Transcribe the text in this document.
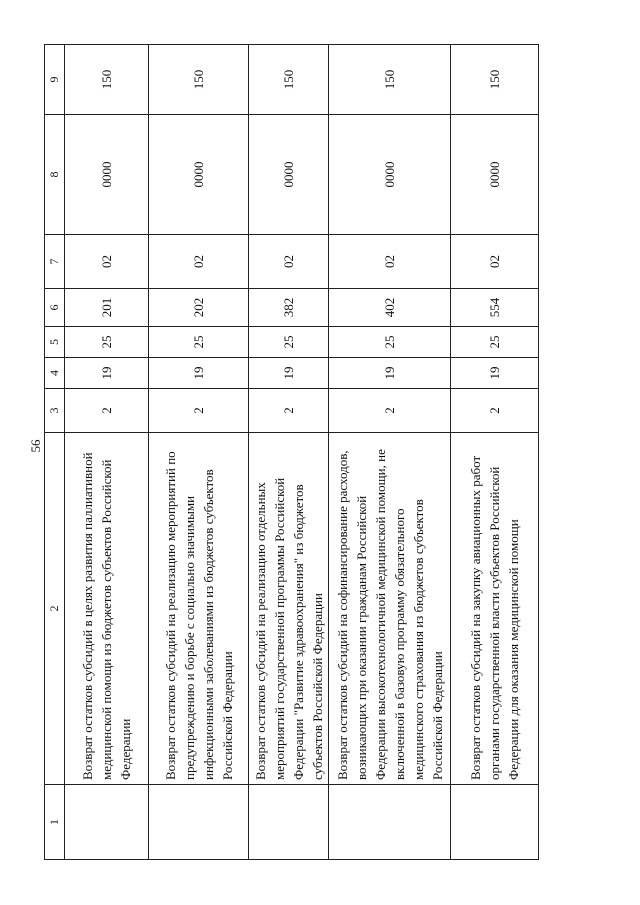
56
1	2	3	4	5	6	7	8	9
	Возврат остатков субсидий в целях развития паллиативной медицинской помощи из бюджетов субъектов Российской Федерации	2	19	25	201	02	0000	150
	Возврат остатков субсидий на реализацию мероприятий по предупреждению и борьбе с социально значимыми инфекционными заболеваниями из бюджетов субъектов Российской Федерации	2	19	25	202	02	0000	150
	Возврат остатков субсидий на реализацию отдельных мероприятий государственной программы Российской Федерации "Развитие здравоохранения" из бюджетов субъектов Российской Федерации	2	19	25	382	02	0000	150
	Возврат остатков субсидий на софинансирование расходов, возникающих при оказании гражданам Российской Федерации высокотехнологичной медицинской помощи, не включенной в базовую программу обязательного медицинского страхования из бюджетов субъектов Российской Федерации	2	19	25	402	02	0000	150
	Возврат остатков субсидий на закупку авиационных работ органами государственной власти субъектов Российской Федерации для оказания медицинской помощи	2	19	25	554	02	0000	150
